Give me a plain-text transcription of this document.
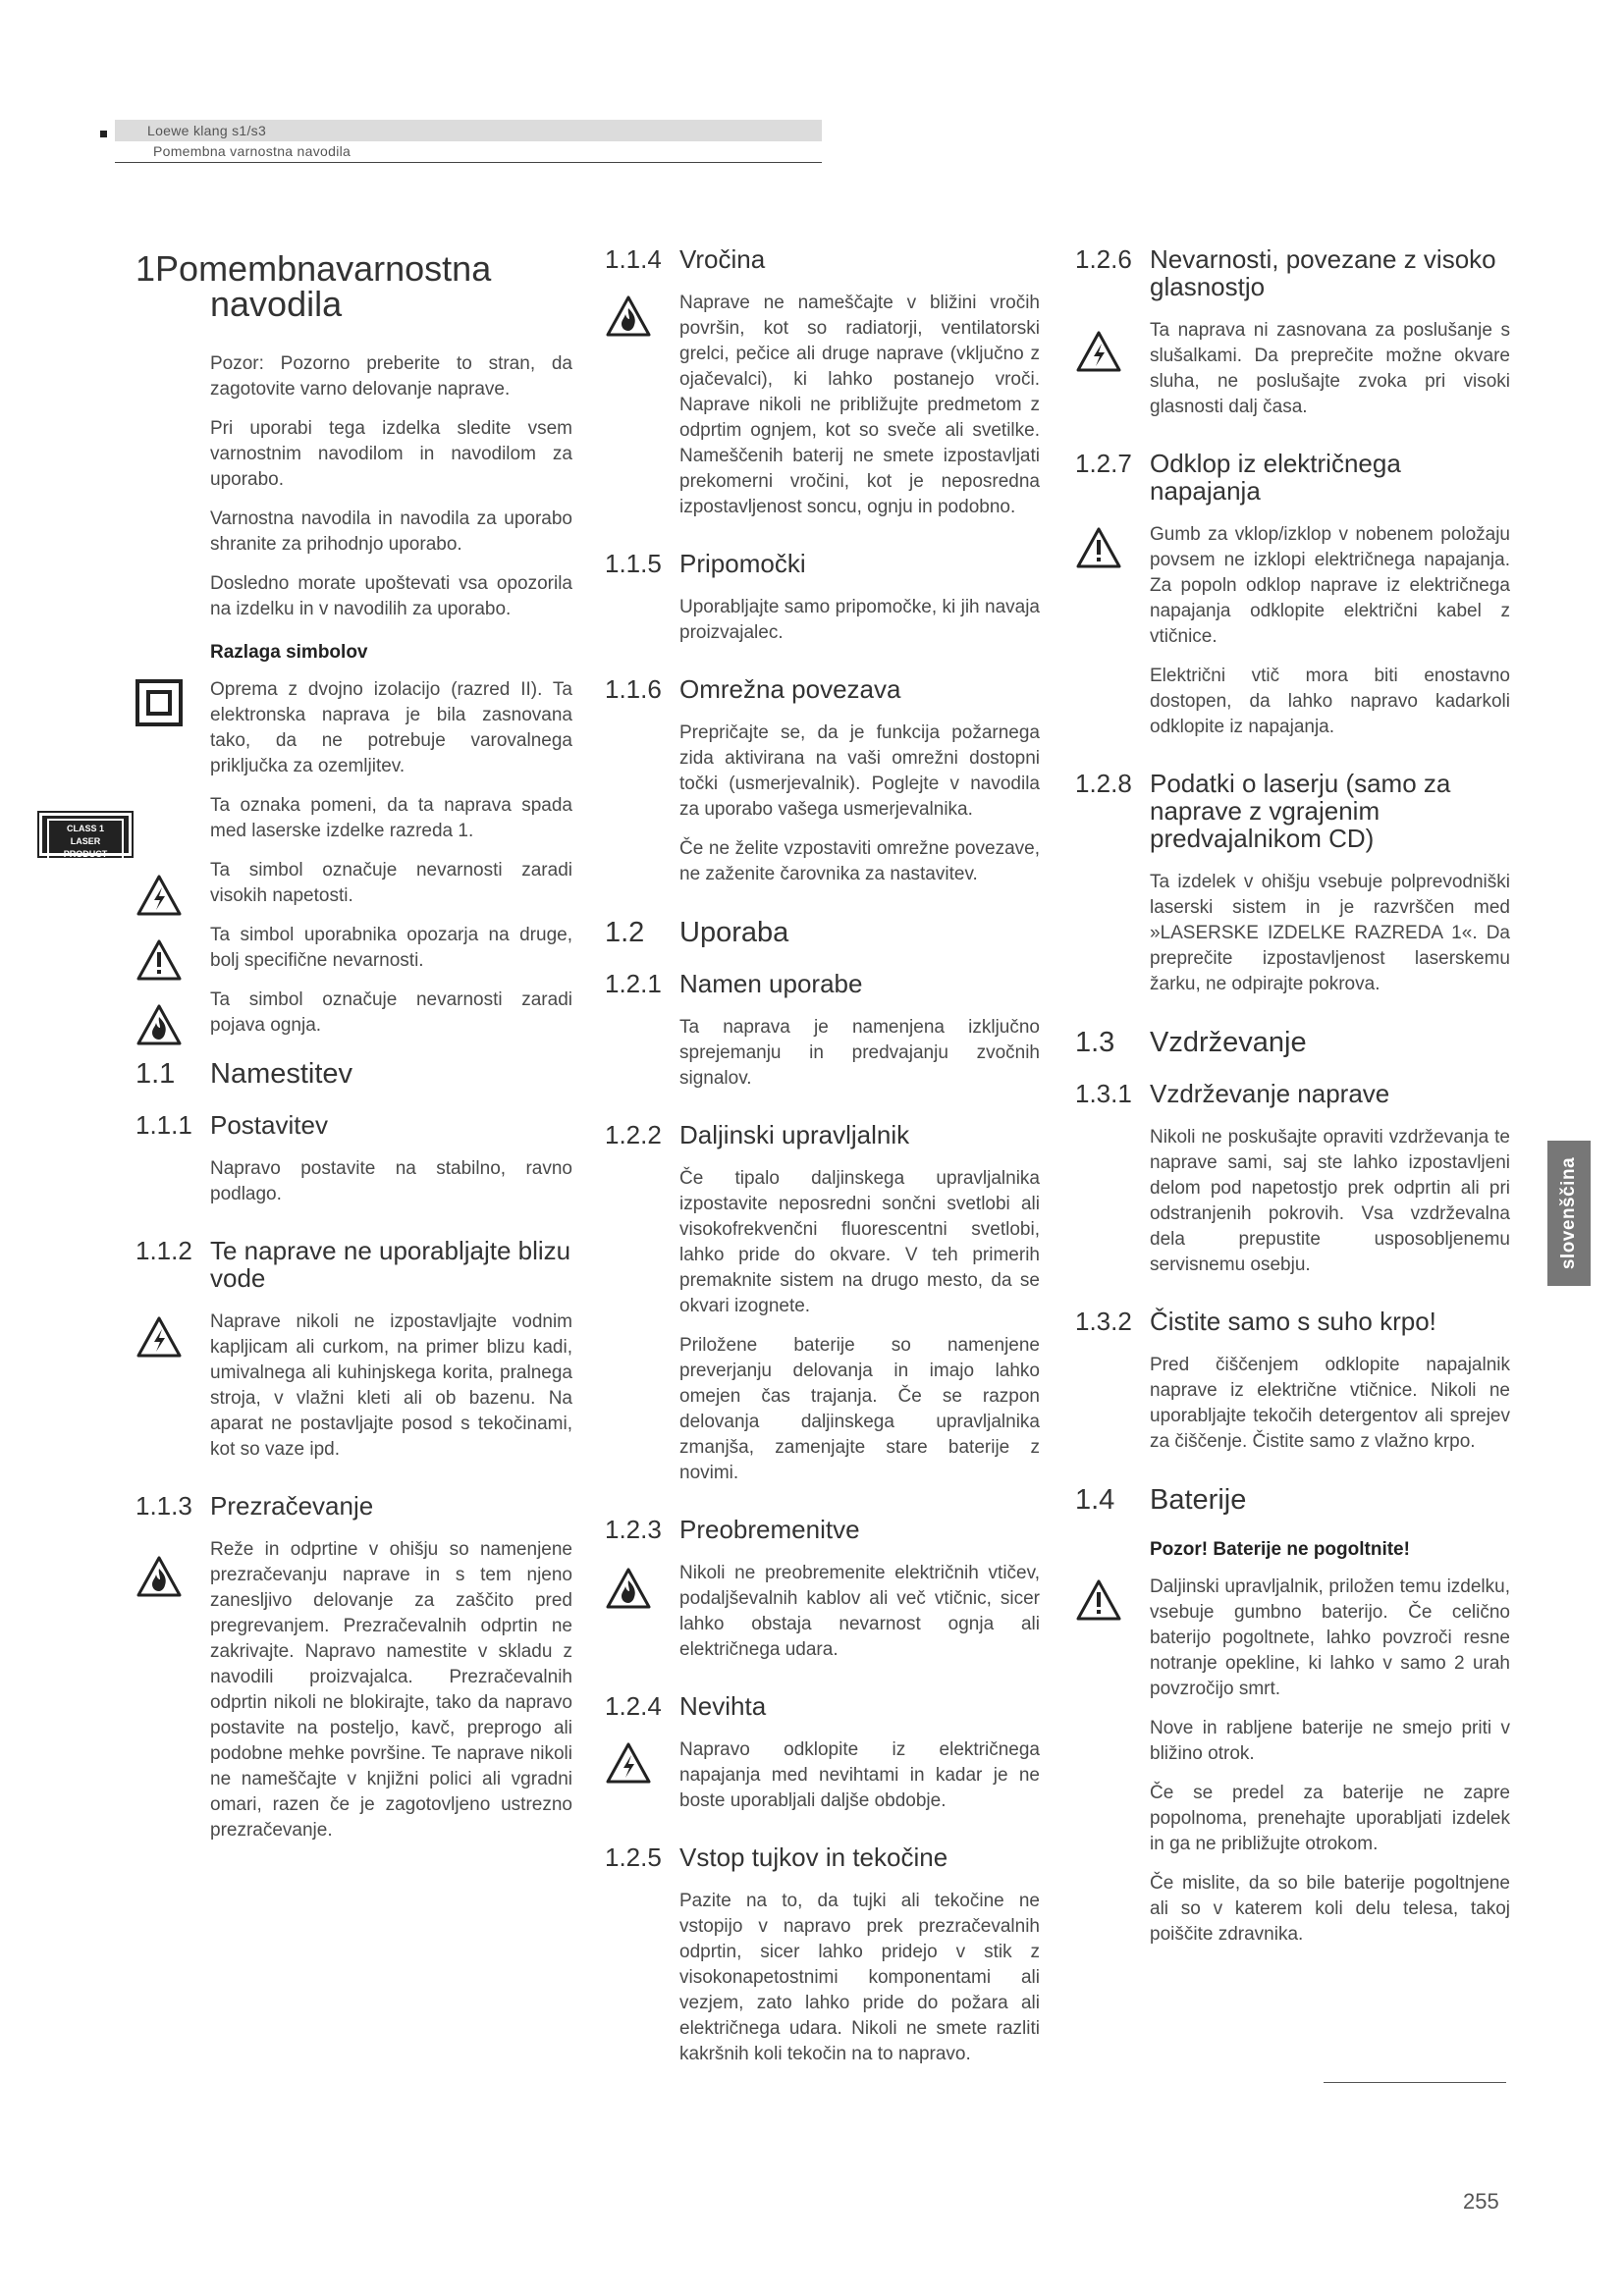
Loewe klang s1/s3
Pomembna varnostna navodila
1Pomembnavarnostna
navodila

Pozor: Pozorno preberite to stran, da zagotovite varno delovanje naprave.

Pri uporabi tega izdelka sledite vsem varnostnim navodilom in navodilom za uporabo.

Varnostna navodila in navodila za uporabo shranite za prihodnjo uporabo.

Dosledno morate upoštevati vsa opozorila na izdelku in v navodilih za uporabo.

Razlaga simbolov

Oprema z dvojno izolacijo (razred II). Ta elektronska naprava je bila zasnovana tako, da ne potrebuje varovalnega priključka za ozemljitev.

CLASS 1
LASER PRODUCT

Ta oznaka pomeni, da ta naprava spada med laserske izdelke razreda 1.

Ta simbol označuje nevarnosti zaradi visokih napetosti.

Ta simbol uporabnika opozarja na druge, bolj specifične nevarnosti.

Ta simbol označuje nevarnosti zaradi pojava ognja.

1.1 Namestitev
1.1.1 Postavitev

Napravo postavite na stabilno, ravno podlago.

1.1.2 Te naprave ne uporabljajte blizu vode

Naprave nikoli ne izpostavljajte vodnim kapljicam ali curkom, na primer blizu kadi, umivalnega ali kuhinjskega korita, pralnega stroja, v vlažni kleti ali ob bazenu. Na aparat ne postavljajte posod s tekočinami, kot so vaze ipd.

1.1.3 Prezračevanje

Reže in odprtine v ohišju so namenjene prezračevanju naprave in s tem njeno zanesljivo delovanje za zaščito pred pregrevanjem. Prezračevalnih odprtin ne zakrivajte. Napravo namestite v skladu z navodili proizvajalca. Prezračevalnih odprtin nikoli ne blokirajte, tako da napravo postavite na posteljo, kavč, preprogo ali podobne mehke površine. Te naprave nikoli ne nameščajte v knjižni polici ali vgradni omari, razen če je zagotovljeno ustrezno prezračevanje.

1.1.4 Vročina

Naprave ne nameščajte v bližini vročih površin, kot so radiatorji, ventilatorski grelci, pečice ali druge naprave (vključno z ojačevalci), ki lahko postanejo vroči. Naprave nikoli ne približujte predmetom z odprtim ognjem, kot so sveče ali svetilke. Nameščenih baterij ne smete izpostavljati prekomerni vročini, kot je neposredna izpostavljenost soncu, ognju in podobno.

1.1.5 Pripomočki

Uporabljajte samo pripomočke, ki jih navaja proizvajalec.

1.1.6 Omrežna povezava

Prepričajte se, da je funkcija požarnega zida aktivirana na vaši omrežni dostopni točki (usmerjevalnik). Poglejte v navodila za uporabo vašega usmerjevalnika.

Če ne želite vzpostaviti omrežne povezave, ne zaženite čarovnika za nastavitev.

1.2 Uporaba
1.2.1 Namen uporabe

Ta naprava je namenjena izključno sprejemanju in predvajanju zvočnih signalov.

1.2.2 Daljinski upravljalnik

Če tipalo daljinskega upravljalnika izpostavite neposredni sončni svetlobi ali visokofrekvenčni fluorescentni svetlobi, lahko pride do okvare. V teh primerih premaknite sistem na drugo mesto, da se okvari izognete.

Priložene baterije so namenjene preverjanju delovanja in imajo lahko omejen čas trajanja. Če se razpon delovanja daljinskega upravljalnika zmanjša, zamenjajte stare baterije z novimi.

1.2.3 Preobremenitve

Nikoli ne preobremenite električnih vtičev, podaljševalnih kablov ali več vtičnic, sicer lahko obstaja nevarnost ognja ali električnega udara.

1.2.4 Nevihta

Napravo odklopite iz električnega napajanja med nevihtami in kadar je ne boste uporabljali daljše obdobje.

1.2.5 Vstop tujkov in tekočine

Pazite na to, da tujki ali tekočine ne vstopijo v napravo prek prezračevalnih odprtin, sicer lahko pridejo v stik z visokonapetostnimi komponentami ali vezjem, zato lahko pride do požara ali električnega udara. Nikoli ne smete razliti kakršnih koli tekočin na to napravo.

1.2.6 Nevarnosti, povezane z visoko glasnostjo

Ta naprava ni zasnovana za poslušanje s slušalkami. Da preprečite možne okvare sluha, ne poslušajte zvoka pri visoki glasnosti dalj časa.

1.2.7 Odklop iz električnega napajanja

Gumb za vklop/izklop v nobenem položaju povsem ne izklopi električnega napajanja. Za popoln odklop naprave iz električnega napajanja odklopite električni kabel z vtičnice.

Električni vtič mora biti enostavno dostopen, da lahko napravo kadarkoli odklopite iz napajanja.

1.2.8 Podatki o laserju (samo za naprave z vgrajenim predvajalnikom CD)

Ta izdelek v ohišju vsebuje polprevodniški laserski sistem in je razvrščen med »LASERSKE IZDELKE RAZREDA 1«. Da preprečite izpostavljenost laserskemu žarku, ne odpirajte pokrova.

1.3 Vzdrževanje
1.3.1 Vzdrževanje naprave

Nikoli ne poskušajte opraviti vzdrževanja te naprave sami, saj ste lahko izpostavljeni delom pod napetostjo prek odprtin ali pri odstranjenih pokrovih. Vsa vzdrževalna dela prepustite usposobljenemu servisnemu osebju.

1.3.2 Čistite samo s suho krpo!

Pred čiščenjem odklopite napajalnik naprave iz električne vtičnice. Nikoli ne uporabljajte tekočih detergentov ali sprejev za čiščenje. Čistite samo z vlažno krpo.

1.4 Baterije

Pozor! Baterije ne pogoltnite!

Daljinski upravljalnik, priložen temu izdelku, vsebuje gumbno baterijo. Če celično baterijo pogoltnete, lahko povzroči resne notranje opekline, ki lahko v samo 2 urah povzročijo smrt.

Nove in rabljene baterije ne smejo priti v bližino otrok.

Če se predel za baterije ne zapre popolnoma, prenehajte uporabljati izdelek in ga ne približujte otrokom.

Če mislite, da so bile baterije pogoltnjene ali so v katerem koli delu telesa, takoj poiščite zdravnika.

slovenščina
255
